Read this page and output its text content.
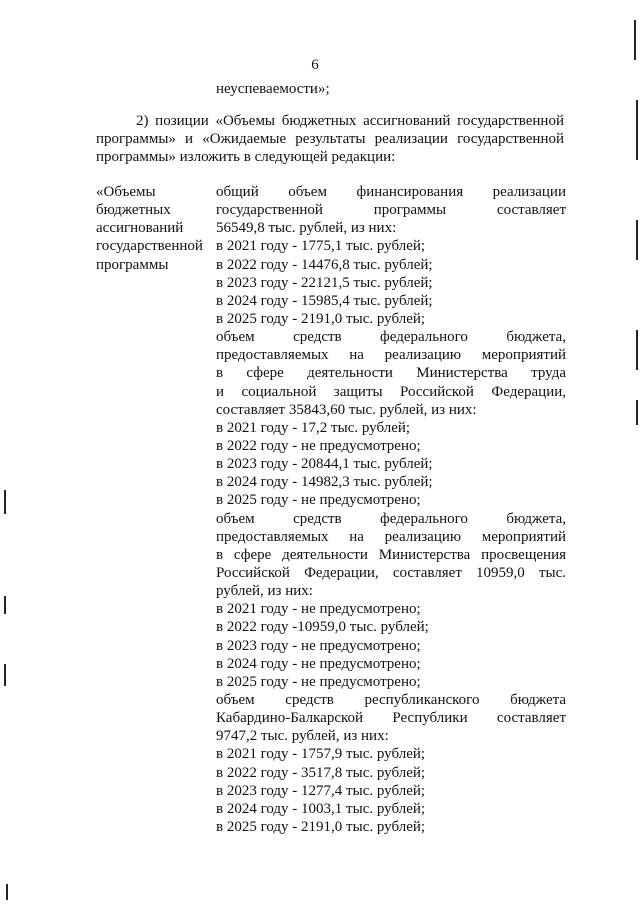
6
неуспеваемости»;
2) позиции «Объемы бюджетных ассигнований государственной
программы» и «Ожидаемые результаты реализации государственной
программы» изложить в следующей редакции:
«Объемы
бюджетных
ассигнований
государственной
программы
общий объем финансирования реализации
государственной программы составляет
56549,8 тыс. рублей, из них:
в 2021 году - 1775,1 тыс. рублей;
в 2022 году - 14476,8 тыс. рублей;
в 2023 году - 22121,5 тыс. рублей;
в 2024 году - 15985,4 тыс. рублей;
в 2025 году - 2191,0 тыс. рублей;
объем средств федерального бюджета,
предоставляемых на реализацию мероприятий
в сфере деятельности Министерства труда
и социальной защиты Российской Федерации,
составляет 35843,60 тыс. рублей, из них:
в 2021 году - 17,2 тыс. рублей;
в 2022 году - не предусмотрено;
в 2023 году - 20844,1 тыс. рублей;
в 2024 году - 14982,3 тыс. рублей;
в 2025 году - не предусмотрено;
объем средств федерального бюджета,
предоставляемых на реализацию мероприятий
в сфере деятельности Министерства просвещения
Российской Федерации, составляет 10959,0 тыс.
рублей, из них:
в 2021 году - не предусмотрено;
в 2022 году -10959,0 тыс. рублей;
в 2023 году - не предусмотрено;
в 2024 году - не предусмотрено;
в 2025 году - не предусмотрено;
объем средств республиканского бюджета
Кабардино-Балкарской Республики составляет
9747,2 тыс. рублей, из них:
в 2021 году - 1757,9 тыс. рублей;
в 2022 году - 3517,8 тыс. рублей;
в 2023 году - 1277,4 тыс. рублей;
в 2024 году - 1003,1 тыс. рублей;
в 2025 году - 2191,0 тыс. рублей;
